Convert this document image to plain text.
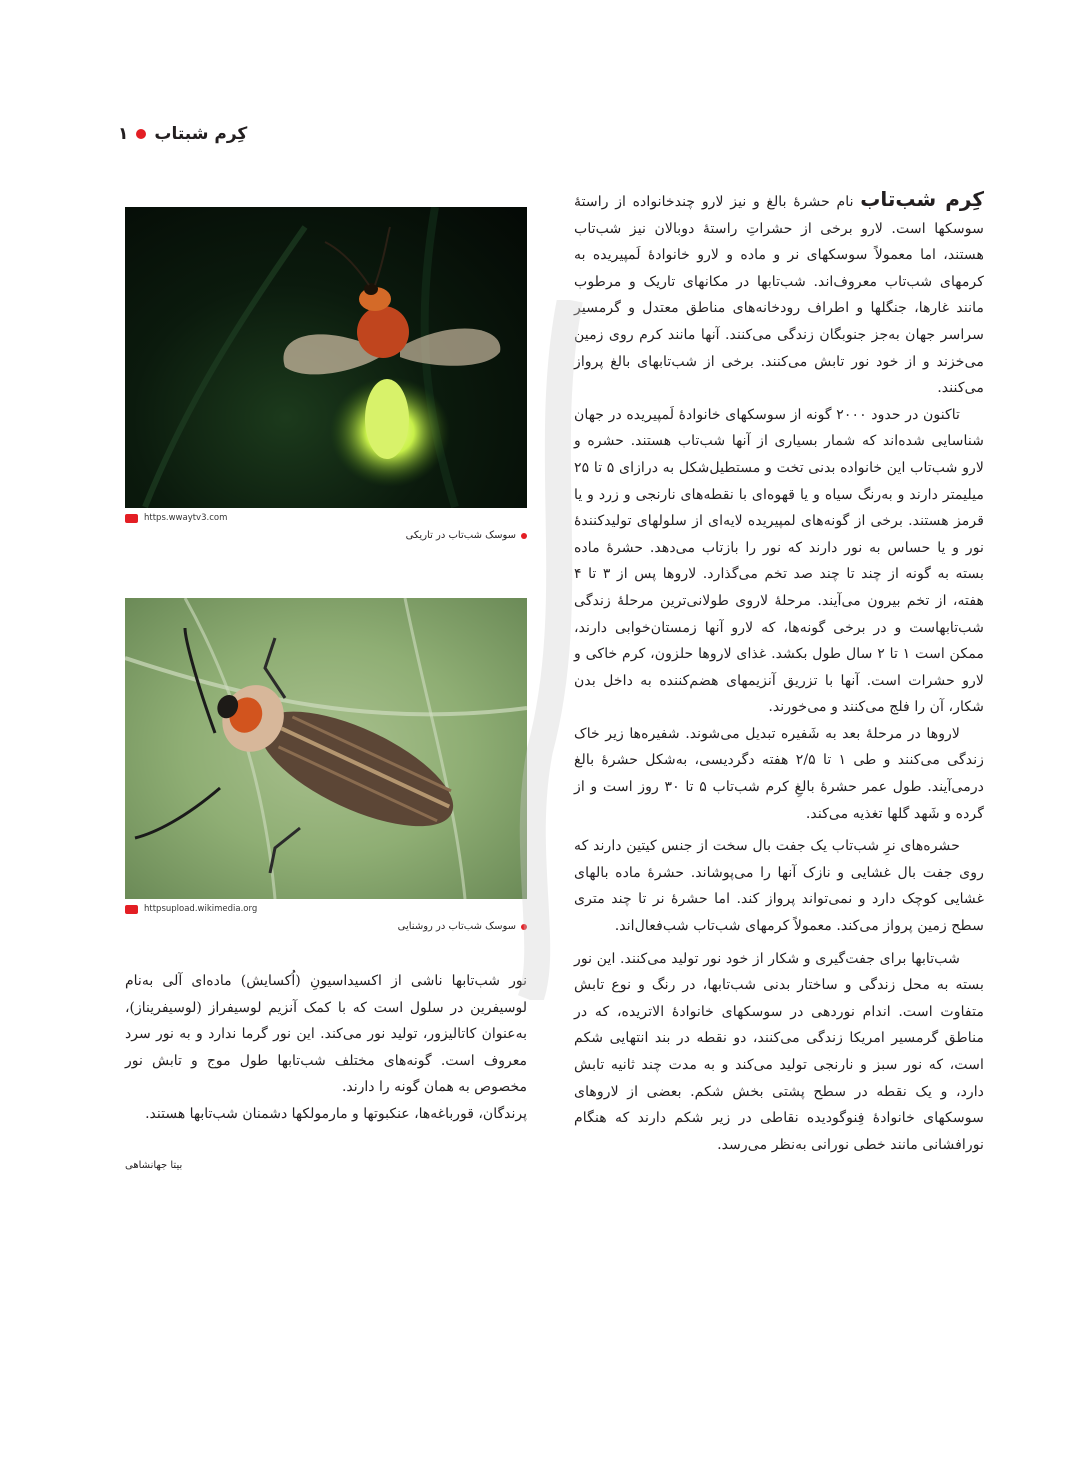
کِرم شبتاب
۱

کِرم شب‌تاب نام حشرهٔ بالغ و نیز لارو چندخانواده از راستهٔ سوسکها است. لارو برخی از حشراتِ راستهٔ دوبالان نیز شب‌تاب هستند، اما معمولاً سوسکهای نر و ماده و لارو خانوادهٔ لَمپیریده به کرمهای شب‌تاب معروف‌اند. شب‌تابها در مکانهای تاریک و مرطوب مانند غارها، جنگلها و اطراف رودخانه‌های مناطق معتدل و گرمسیر سراسر جهان به‌جز جنوبگان زندگی می‌کنند. آنها مانند کرم روی زمین می‌خزند و از خود نور تابش می‌کنند. برخی از شب‌تابهای بالغ پرواز می‌کنند.

تاکنون در حدود ۲۰۰۰ گونه از سوسکهای خانوادهٔ لَمپیریده در جهان شناسایی شده‌اند که شمار بسیاری از آنها شب‌تاب هستند. حشره و لارو شب‌تاب این خانواده بدنی تخت و مستطیل‌شکل به درازای ۵ تا ۲۵ میلیمتر دارند و به‌رنگ سیاه و یا قهوه‌ای با نقطه‌های نارنجی و زرد و یا قرمز هستند. برخی از گونه‌های لمپیریده لایه‌ای از سلولهای تولیدکنندهٔ نور و یا حساس به نور دارند که نور را بازتاب می‌دهد. حشرهٔ ماده بسته به گونه از چند تا چند صد تخم می‌گذارد. لاروها پس از ۳ تا ۴ هفته، از تخم بیرون می‌آیند. مرحلهٔ لاروی طولانی‌ترین مرحلهٔ زندگی شب‌تابهاست و در برخی گونه‌ها، که لارو آنها زمستان‌خوابی دارند، ممکن است ۱ تا ۲ سال طول بکشد. غذای لاروها حلزون، کرم خاکی و لارو حشرات است. آنها با تزریق آنزیمهای هضم‌کننده به داخل بدن شکار، آن را فلج می‌کنند و می‌خورند.

لاروها در مرحلهٔ بعد به شَفیره تبدیل می‌شوند. شفیره‌ها زیر خاک زندگی می‌کنند و طی ۱ تا ۲/۵ هفته دگردیسی، به‌شکل حشرهٔ بالغ درمی‌آیند. طول عمر حشرهٔ بالغِ کرم شب‌تاب ۵ تا ۳۰ روز است و از گرده و شَهد گلها تغذیه می‌کند.

حشره‌های نرِ شب‌تاب یک جفت بال سخت از جنس کیتین دارند که روی جفت بال غشایی و نازک آنها را می‌پوشاند. حشرهٔ ماده بالهای غشایی کوچک دارد و نمی‌تواند پرواز کند. اما حشرهٔ نر تا چند متری سطح زمین پرواز می‌کند. معمولاً کرمهای شب‌تاب شب‌فعال‌اند.

شب‌تابها برای جفت‌گیری و شکار از خود نور تولید می‌کنند. این نور بسته به محل زندگی و ساختار بدنی شب‌تابها، در رنگ و نوع تابش متفاوت است. اندام نوردهی در سوسکهای خانوادهٔ الاتریده، که در مناطق گرمسیر امریکا زندگی می‌کنند، دو نقطه در بند انتهایی شکم است، که نور سبز و نارنجی تولید می‌کند و به مدت چند ثانیه تابش دارد، و یک نقطه در سطح پشتی بخش شکم. بعضی از لاروهای سوسکهای خانوادهٔ فِنوگودیده نقاطی در زیر شکم دارند که هنگام نورافشانی مانند خطی نورانی به‌نظر می‌رسد.

https.wwaytv3.com
سوسک شب‌تاب در تاریکی
httpsupload.wikimedia.org
سوسک شب‌تاب در روشنایی

نور شب‌تابها ناشی از اکسیداسیونِ (اُکسایش) ماده‌ای آلی به‌نام لوسیفرین در سلول است که با کمک آنزیم لوسیفراز (لوسیفریناز)، به‌عنوان کاتالیزور، تولید نور می‌کند. این نور گرما ندارد و به نور سرد معروف است. گونه‌های مختلف شب‌تابها طول موج و تابش نور مخصوص به همان گونه را دارند.

پرندگان، قورباغه‌ها، عنکبوتها و مارمولکها دشمنان شب‌تابها هستند.

بیتا جهانشاهی
